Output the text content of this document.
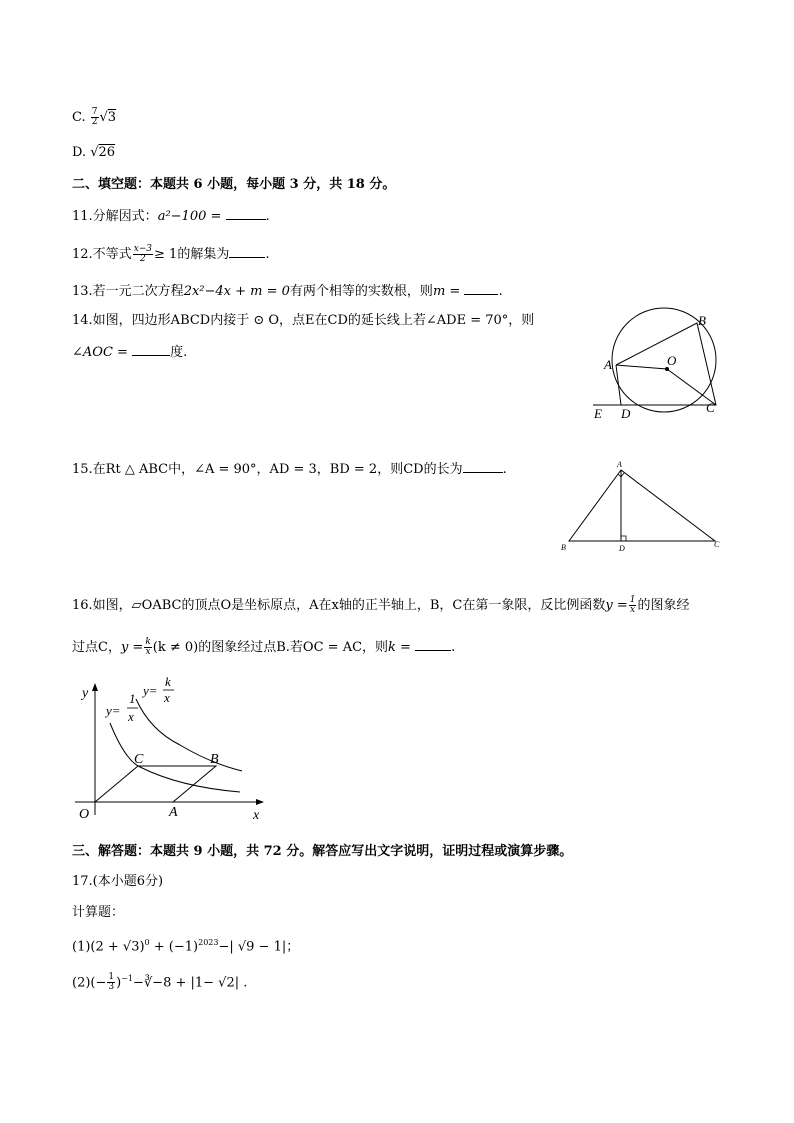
C. $\frac{7}{2} √3$
D. √26
二、填空题：本题共 6 小题，每小题 3 分，共 18 分。
11.分解因式：a²−100 =	.
12.不等式 $\frac{x-3}{2} \ge 1$的解集为	.
13.若一元二次方程2x²−4x + m = 0有两个相等的实数根，则m =	.
14.如图，四边形ABCD内接于 ⊙ O，点E在CD的延长线上若∠ADE = 70°，则
∠AOC =	度.
A
B
O
C
D
E
15.在Rt △ ABC中，∠A = 90°，AD = 3，BD = 2，则CD的长为	.	A
B	D	C
16.如图，▱OABC的顶点O是坐标原点，A在x轴的正半轴上，B，C在第一象限，反比例函数$y = \frac{1}{x}$ 的图象经
过点C，$y = \frac{k}{x} (k \ne 0)$的图象经过点B.若OC = AC，则k =	.
y
x
O	A
B
C
y=
1
x
y=
k
x
三、解答题：本题共 9 小题，共 72 分。解答应写出文字说明，证明过程或演算步骤。
17.(本小题6分)
计算题：
$(1)(2 + √3)^0 + (-1)^{2023}-|$ √9 − 1|；
$(2)(- \frac{1}{3}$ )$^{-1}-∛-8 + |1- √2|$ .
